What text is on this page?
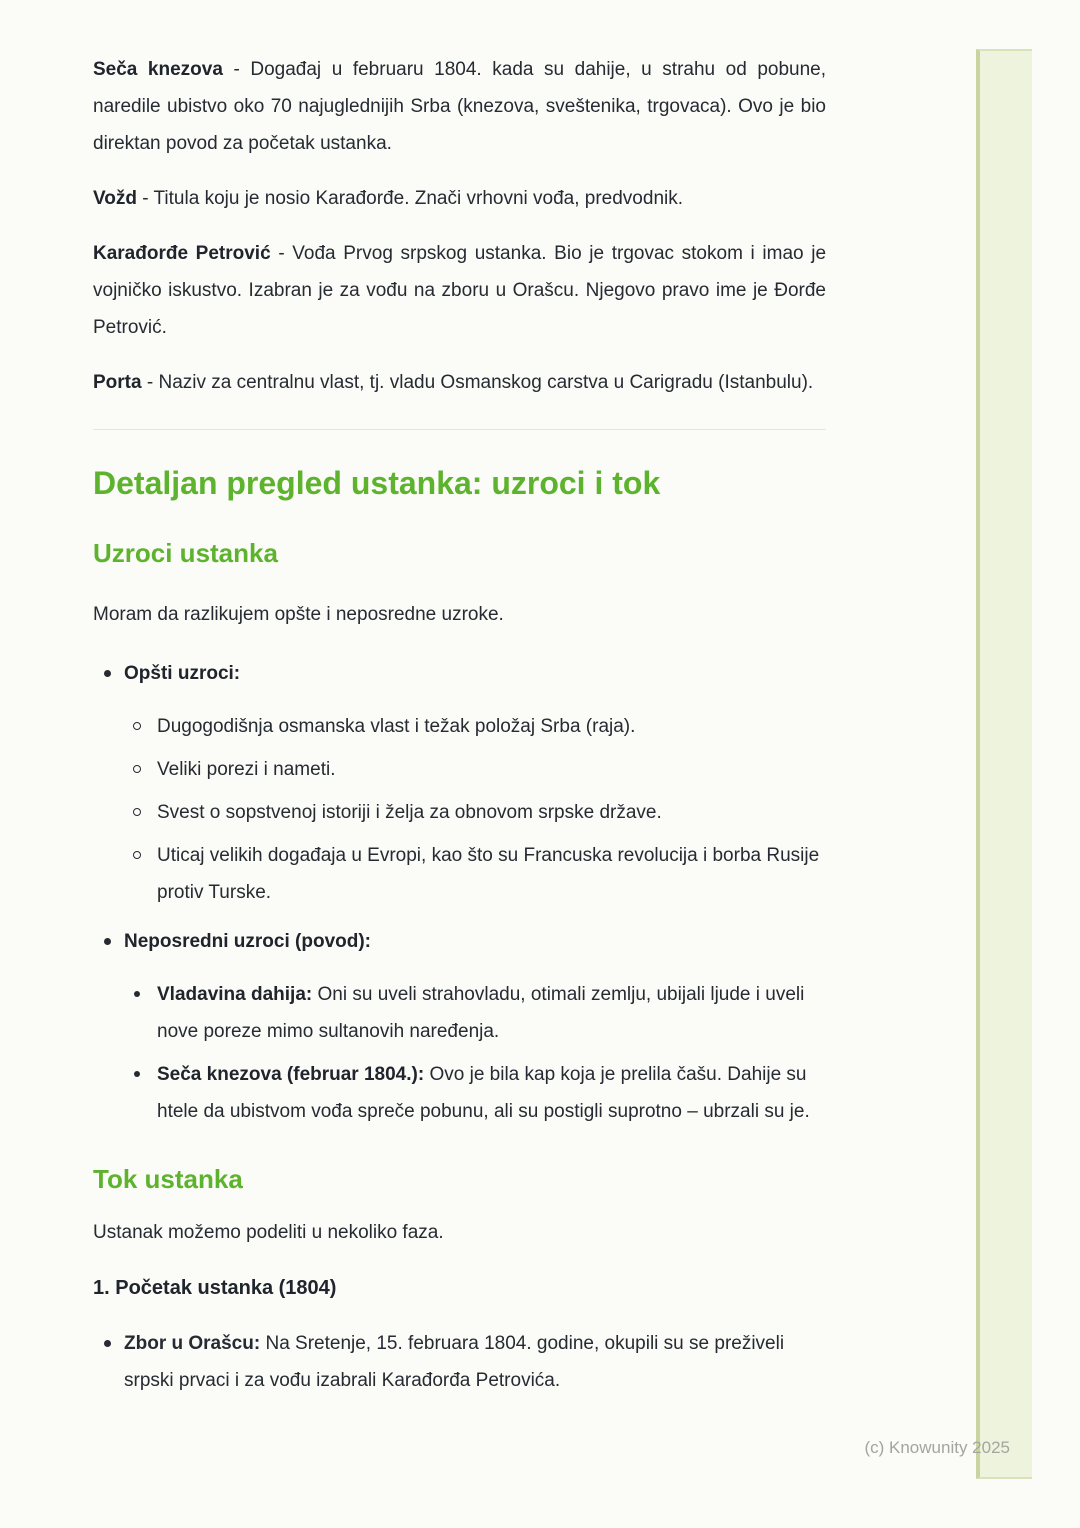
Seča knezova - Događaj u februaru 1804. kada su dahije, u strahu od pobune, naredile ubistvo oko 70 najuglednijih Srba (knezova, sveštenika, trgovaca). Ovo je bio direktan povod za početak ustanka.

Vožd - Titula koju je nosio Karađorđe. Znači vrhovni vođa, predvodnik.

Karađorđe Petrović - Vođa Prvog srpskog ustanka. Bio je trgovac stokom i imao je vojničko iskustvo. Izabran je za vođu na zboru u Orašcu. Njegovo pravo ime je Đorđe Petrović.

Porta - Naziv za centralnu vlast, tj. vladu Osmanskog carstva u Carigradu (Istanbulu).

Detaljan pregled ustanka: uzroci i tok
Uzroci ustanka

Moram da razlikujem opšte i neposredne uzroke.

Opšti uzroci:
Dugogodišnja osmanska vlast i težak položaj Srba (raja).
Veliki porezi i nameti.
Svest o sopstvenoj istoriji i želja za obnovom srpske države.
Uticaj velikih događaja u Evropi, kao što su Francuska revolucija i borba Rusije protiv Turske.
Neposredni uzroci (povod):
Vladavina dahija: Oni su uveli strahovladu, otimali zemlju, ubijali ljude i uveli nove poreze mimo sultanovih naređenja.
Seča knezova (februar 1804.): Ovo je bila kap koja je prelila čašu. Dahije su htele da ubistvom vođa spreče pobunu, ali su postigli suprotno – ubrzali su je.
Tok ustanka

Ustanak možemo podeliti u nekoliko faza.

1. Početak ustanka (1804)
Zbor u Orašcu: Na Sretenje, 15. februara 1804. godine, okupili su se preživeli srpski prvaci i za vođu izabrali Karađorđa Petrovića.
(c) Knowunity 2025
